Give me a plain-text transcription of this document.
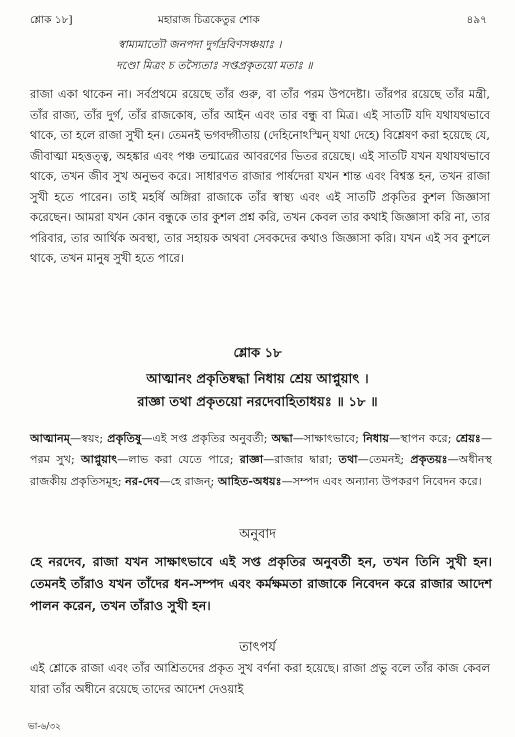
শ্লোক ১৮]	মহারাজ চিত্রকেতুর শোক	৪৯৭
স্বাম্যমাত্যৌ জনপদা দুর্গদ্রবিণসঞ্চয়াঃ ।
দণ্ডো মিত্রং চ তস্যৈতাঃ সপ্তপ্রকৃতয়ো মতাঃ ॥

রাজা একা থাকেন না। সর্বপ্রথমে রয়েছে তাঁর গুরু, বা তাঁর পরম উপদেষ্টা। তাঁরপর রয়েছে তাঁর মন্ত্রী, তাঁর রাজ্য, তাঁর দুর্গ, তাঁর রাজকোষ, তাঁর আইন এবং তার বন্ধু বা মিত্র। এই সাতটি যদি যথাযথভাবে থাকে, তা হলে রাজা সুখী হন। তেমনই ভগবদ্গীতায় (দেহিনোঽস্মিন্ যথা দেহে) বিশ্লেষণ করা হয়েছে যে, জীবাত্মা মহত্তত্ত্ব, অহঙ্কার এবং পঞ্চ তন্মাত্রের আবরণের ভিতর রয়েছে। এই সাতটি যখন যথাযথভাবে থাকে, তখন জীব সুখ অনুভব করে। সাধারণত রাজার পার্ষদেরা যখন শান্ত এবং বিশ্বস্ত হন, তখন রাজা সুখী হতে পারেন। তাই মহর্ষি অঙ্গিরা রাজাকে তাঁর স্বাস্থ্য এবং এই সাতটি প্রকৃতির কুশল জিজ্ঞাসা করেছেন। আমরা যখন কোন বন্ধুকে তার কুশল প্রশ্ন করি, তখন কেবল তার কথাই জিজ্ঞাসা করি না, তার পরিবার, তার আর্থিক অবস্থা, তার সহায়ক অথবা সেবকদের কথাও জিজ্ঞাসা করি। যখন এই সব কুশলে থাকে, তখন মানুষ সুখী হতে পারে।

শ্লোক ১৮
আত্মানং প্রকৃতিষ্বদ্ধা নিধায় শ্রেয় আপ্নুয়াৎ ।
রাজ্ঞা তথা প্রকৃতয়ো নরদেবাহিতাধয়ঃ ॥ ১৮ ॥

আত্মানম্—স্বয়ং; প্রকৃতিষু—এই সপ্ত প্রকৃতির অনুবর্তী; অদ্ধা—সাক্ষাৎভাবে; নিধায়—স্থাপন করে; শ্রেয়ঃ—পরম সুখ; আপ্নুয়াৎ—লাভ করা যেতে পারে; রাজ্ঞা—রাজার দ্বারা; তথা—তেমনই; প্রকৃতয়ঃ—অধীনস্থ রাজকীয় প্রকৃতিসমূহ; নর-দেব—হে রাজন্; আহিত-অধয়ঃ—সম্পদ এবং অন্যান্য উপকরণ নিবেদন করে।

অনুবাদ

হে নরদেব, রাজা যখন সাক্ষাৎভাবে এই সপ্ত প্রকৃতির অনুবর্তী হন, তখন তিনি সুখী হন। তেমনই তাঁরাও যখন তাঁদের ধন-সম্পদ এবং কর্মক্ষমতা রাজাকে নিবেদন করে রাজার আদেশ পালন করেন, তখন তাঁরাও সুখী হন।

তাৎপর্য

এই শ্লোকে রাজা এবং তাঁর আশ্রিতদের প্রকৃত সুখ বর্ণনা করা হয়েছে। রাজা প্রভু বলে তাঁর কাজ কেবল যারা তাঁর অধীনে রয়েছে তাদের আদেশ দেওয়াই

ভা-৬/৩২
